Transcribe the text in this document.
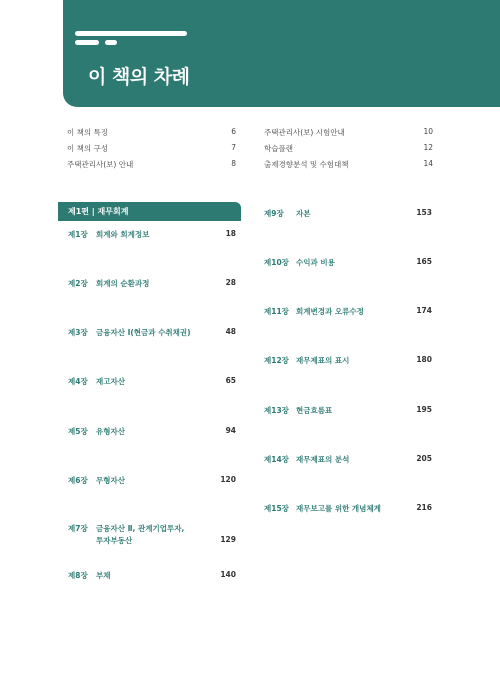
이 책의 차례
이 책의 특징	6
이 책의 구성	7
주택관리사(보) 안내	8
주택관리사(보) 시험안내	10
학습플랜	12
출제경향분석 및 수험대책	14
제1편 | 재무회계
제1장 회계와 회계정보	18
제2장 회계의 순환과정	28
제3장 금융자산 Ⅰ(현금과 수취채권)	48
제4장 재고자산	65
제5장 유형자산	94
제6장 무형자산	120
제7장 금융자산 Ⅱ, 관계기업투자,
투자부동산	129
제8장 부채	140
제9장 자본	153
제10장 수익과 비용	165
제11장 회계변경과 오류수정	174
제12장 재무제표의 표시	180
제13장 현금흐름표	195
제14장 재무제표의 분석	205
제15장 재무보고를 위한 개념체계	216
